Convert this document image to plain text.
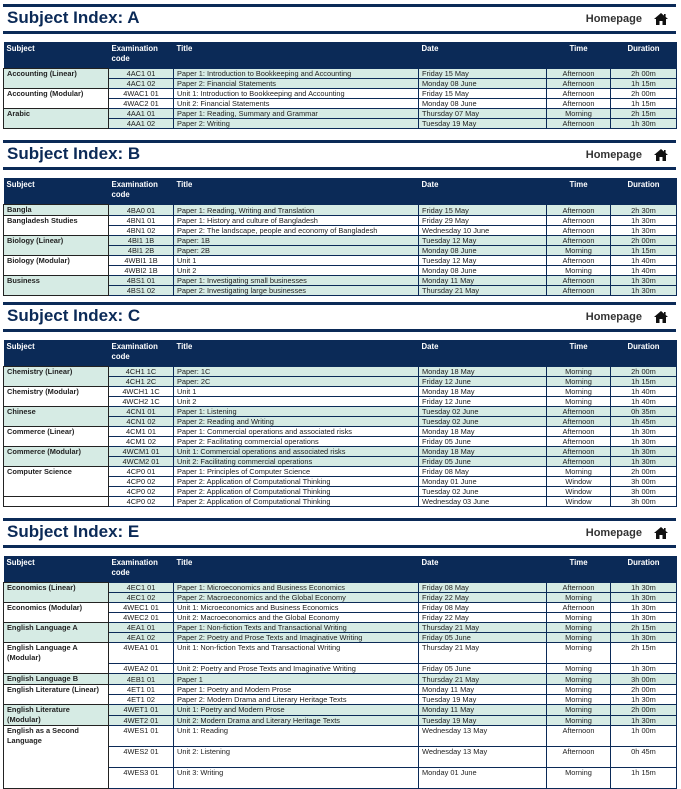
Subject Index: A	Homepage
Subject	Examination code	Title	Date	Time	Duration
Accounting (Linear)	4AC1 01	Paper 1: Introduction to Bookkeeping and Accounting	Friday 15 May	Afternoon	2h 00m
	4AC1 02	Paper 2: Financial Statements	Monday 08 June	Afternoon	1h 15m
Accounting (Modular)	4WAC1 01	Unit 1: Introduction to Bookkeeping and Accounting	Friday 15 May	Afternoon	2h 00m
	4WAC2 01	Unit 2: Financial Statements	Monday 08 June	Afternoon	1h 15m
Arabic	4AA1 01	Paper 1: Reading, Summary and Grammar	Thursday 07 May	Morning	2h 15m
	4AA1 02	Paper 2: Writing	Tuesday 19 May	Afternoon	1h 30m
Subject Index: B	Homepage
Subject	Examination code	Title	Date	Time	Duration
Bangla	4BA0 01	Paper 1: Reading, Writing and Translation	Friday 15 May	Afternoon	2h 30m
Bangladesh Studies	4BN1 01	Paper 1: History and culture of Bangladesh	Friday 29 May	Afternoon	1h 30m
	4BN1 02	Paper 2: The landscape, people and economy of Bangladesh	Wednesday 10 June	Afternoon	1h 30m
Biology (Linear)	4BI1 1B	Paper: 1B	Tuesday 12 May	Afternoon	2h 00m
	4BI1 2B	Paper: 2B	Monday 08 June	Morning	1h 15m
Biology (Modular)	4WBI1 1B	Unit 1	Tuesday 12 May	Afternoon	1h 40m
	4WBI2 1B	Unit 2	Monday 08 June	Morning	1h 40m
Business	4BS1 01	Paper 1: Investigating small businesses	Monday 11 May	Afternoon	1h 30m
	4BS1 02	Paper 2: Investigating large businesses	Thursday 21 May	Afternoon	1h 30m
Subject Index: C	Homepage
Subject	Examination code	Title	Date	Time	Duration
Chemistry (Linear)	4CH1 1C	Paper: 1C	Monday 18 May	Morning	2h 00m
	4CH1 2C	Paper: 2C	Friday 12 June	Morning	1h 15m
Chemistry (Modular)	4WCH1 1C	Unit 1	Monday 18 May	Morning	1h 40m
	4WCH2 1C	Unit 2	Friday 12 June	Morning	1h 40m
Chinese	4CN1 01	Paper 1: Listening	Tuesday 02 June	Afternoon	0h 35m
	4CN1 02	Paper 2: Reading and Writing	Tuesday 02 June	Afternoon	1h 45m
Commerce (Linear)	4CM1 01	Paper 1: Commercial operations and associated risks	Monday 18 May	Afternoon	1h 30m
	4CM1 02	Paper 2: Facilitating commercial operations	Friday 05 June	Afternoon	1h 30m
Commerce (Modular)	4WCM1 01	Unit 1: Commercial operations and associated risks	Monday 18 May	Afternoon	1h 30m
	4WCM2 01	Unit 2: Facilitating commercial operations	Friday 05 June	Afternoon	1h 30m
Computer Science	4CP0 01	Paper 1: Principles of Computer Science	Friday 08 May	Morning	2h 00m
	4CP0 02	Paper 2: Application of Computational Thinking	Monday 01 June	Window	3h 00m
	4CP0 02	Paper 2: Application of Computational Thinking	Tuesday 02 June	Window	3h 00m
	4CP0 02	Paper 2: Application of Computational Thinking	Wednesday 03 June	Window	3h 00m
Subject Index: E	Homepage
Subject	Examination code	Title	Date	Time	Duration
Economics (Linear)	4EC1 01	Paper 1: Microeconomics and Business Economics	Friday 08 May	Afternoon	1h 30m
	4EC1 02	Paper 2: Macroeconomics and the Global Economy	Friday 22 May	Morning	1h 30m
Economics (Modular)	4WEC1 01	Unit 1: Microeconomics and Business Economics	Friday 08 May	Afternoon	1h 30m
	4WEC2 01	Unit 2: Macroeconomics and the Global Economy	Friday 22 May	Morning	1h 30m
English Language A	4EA1 01	Paper 1: Non-fiction Texts and Transactional Writing	Thursday 21 May	Morning	2h 15m
	4EA1 02	Paper 2: Poetry and Prose Texts and Imaginative Writing	Friday 05 June	Morning	1h 30m
English Language A (Modular)	4WEA1 01	Unit 1: Non-fiction Texts and Transactional Writing	Thursday 21 May	Morning	2h 15m
	4WEA2 01	Unit 2: Poetry and Prose Texts and Imaginative Writing	Friday 05 June	Morning	1h 30m
English Language B	4EB1 01	Paper 1	Thursday 21 May	Morning	3h 00m
English Literature (Linear)	4ET1 01	Paper 1: Poetry and Modern Prose	Monday 11 May	Morning	2h 00m
	4ET1 02	Paper 2: Modern Drama and Literary Heritage Texts	Tuesday 19 May	Morning	1h 30m
English Literature (Modular)	4WET1 01	Unit 1: Poetry and Modern Prose	Monday 11 May	Morning	2h 00m
	4WET2 01	Unit 2: Modern Drama and Literary Heritage Texts	Tuesday 19 May	Morning	1h 30m
English as a Second Language	4WES1 01	Unit 1: Reading	Wednesday 13 May	Afternoon	1h 00m
	4WES2 01	Unit 2: Listening	Wednesday 13 May	Afternoon	0h 45m
	4WES3 01	Unit 3: Writing	Monday 01 June	Morning	1h 15m
